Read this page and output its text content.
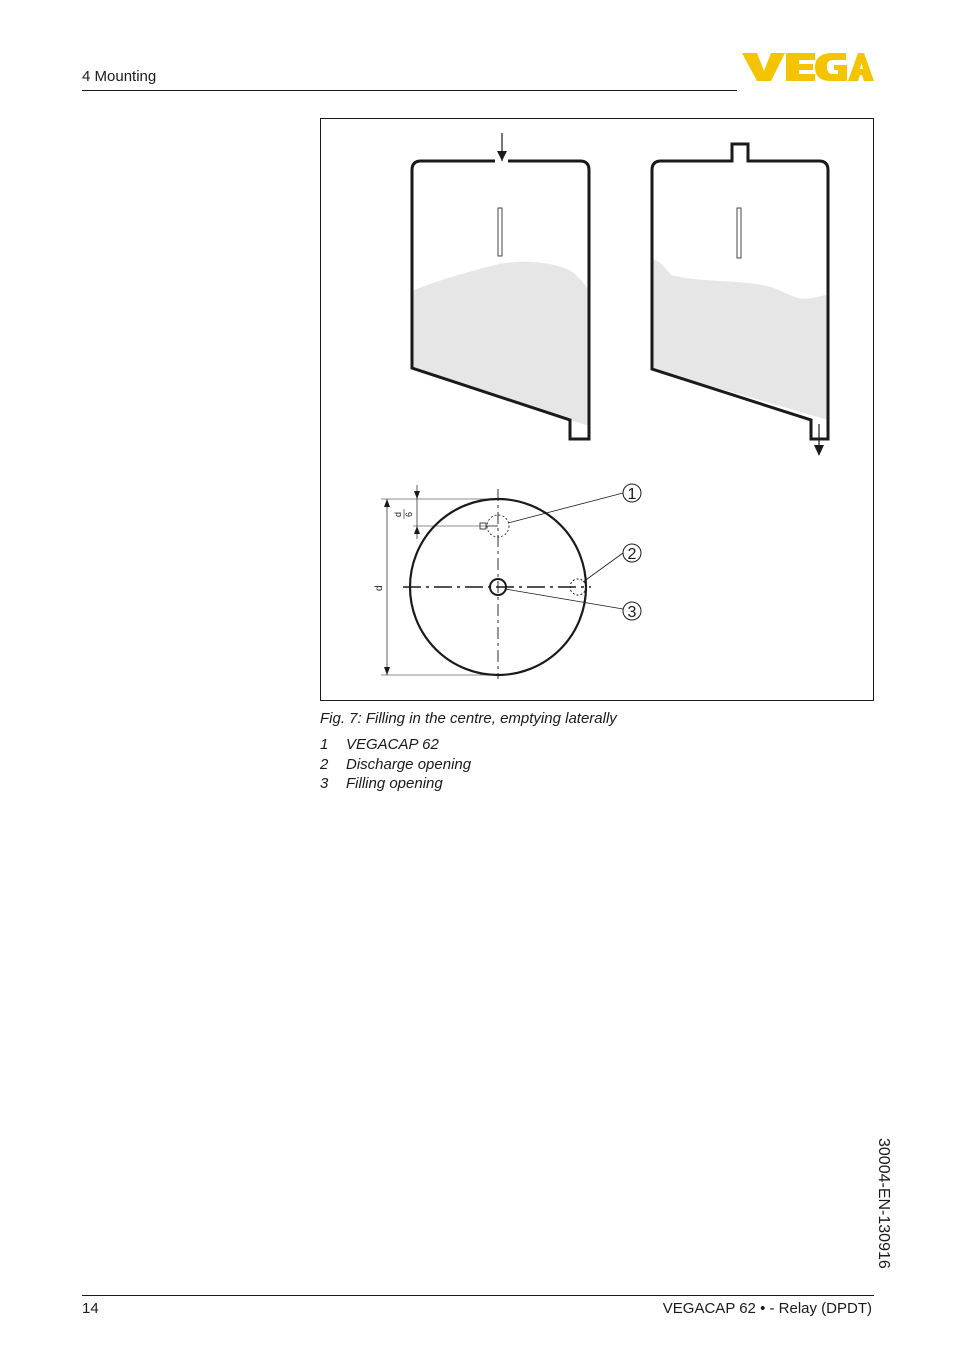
4 Mounting
d
d 6
1
2
3
Fig. 7: Filling in the centre, emptying laterally
1 VEGACAP 62
2 Discharge opening
3 Filling opening
30004-EN-130916
14	VEGACAP 62 • - Relay (DPDT)
